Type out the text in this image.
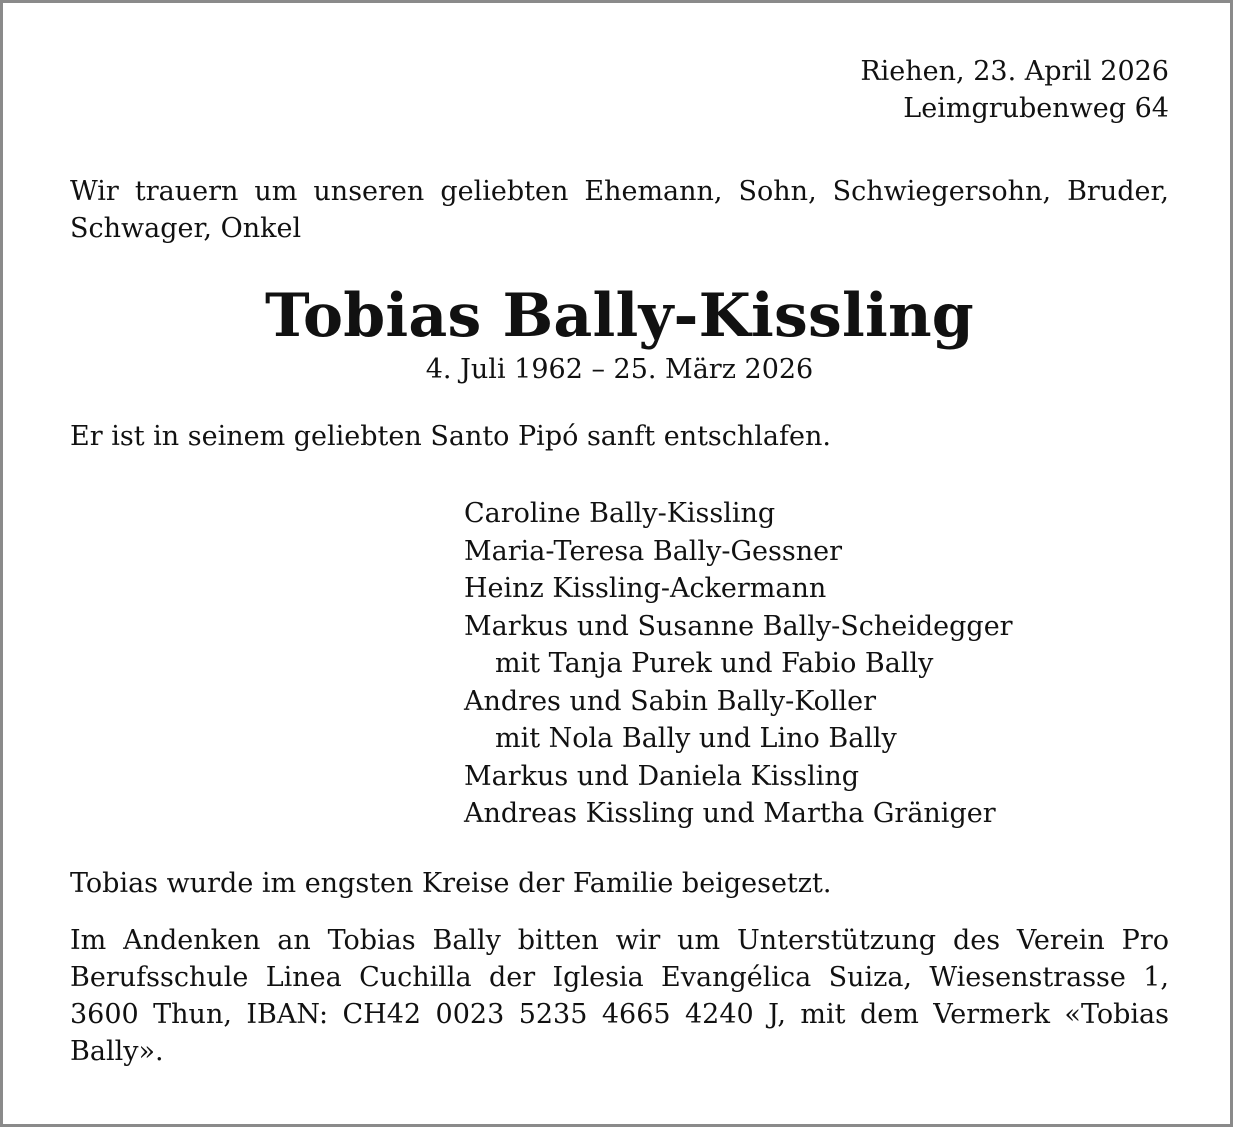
Riehen, 23. April 2026
Leimgrubenweg 64
Wir trauern um unseren geliebten Ehemann, Sohn, Schwiegersohn, Bruder, Schwager, Onkel
Tobias Bally-Kissling
4. Juli 1962 – 25. März 2026
Er ist in seinem geliebten Santo Pipó sanft entschlafen.
Caroline Bally-Kissling
Maria-Teresa Bally-Gessner
Heinz Kissling-Ackermann
Markus und Susanne Bally-Scheidegger
mit Tanja Purek und Fabio Bally
Andres und Sabin Bally-Koller
mit Nola Bally und Lino Bally
Markus und Daniela Kissling
Andreas Kissling und Martha Gräniger
Tobias wurde im engsten Kreise der Familie beigesetzt.
Im Andenken an Tobias Bally bitten wir um Unterstützung des Verein Pro Berufsschule Linea Cuchilla der Iglesia Evangélica Suiza, Wiesenstrasse 1, 3600 Thun, IBAN: CH42 0023 5235 4665 4240 J, mit dem Vermerk «Tobias Bally».
